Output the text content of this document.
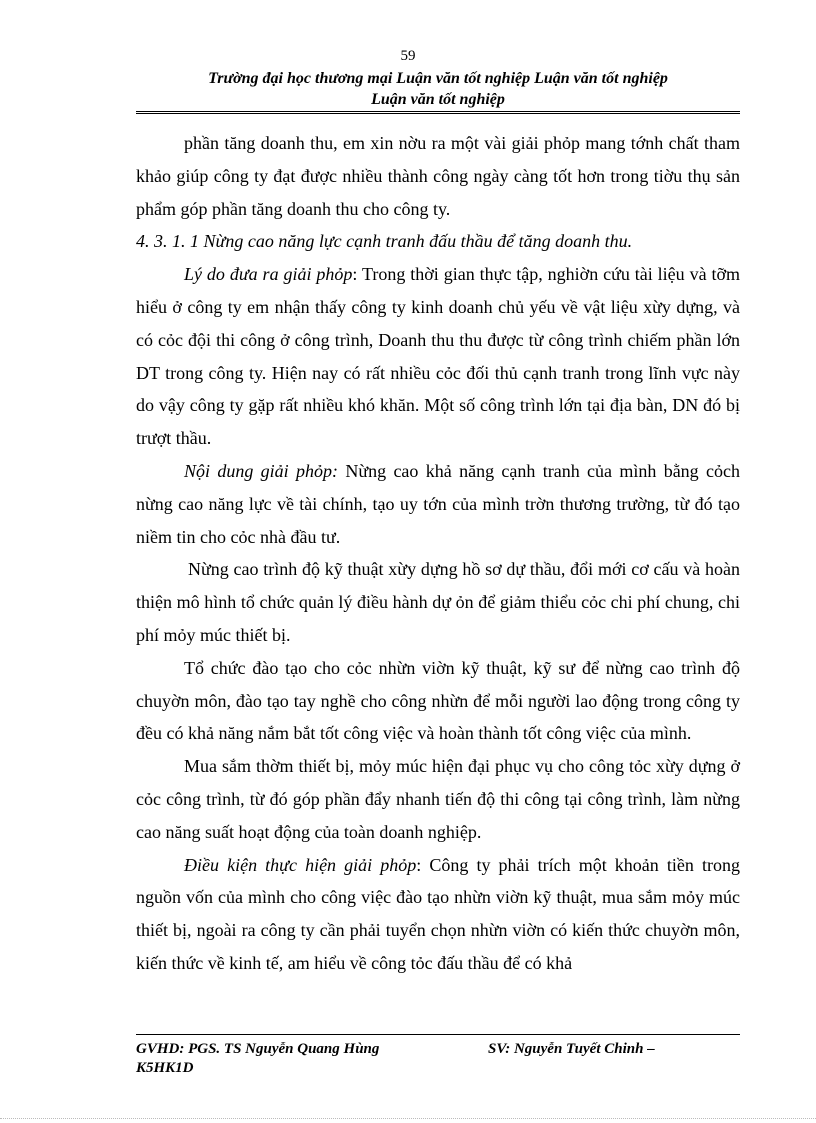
59
Trường đại học thương mại Luận văn tốt nghiệp Luận văn tốt nghiệp
Luận văn tốt nghiệp

phần tăng doanh thu, em xin nờu ra một vài giải phỏp mang tớnh chất tham khảo giúp công ty đạt được nhiều thành công ngày càng tốt hơn trong tiờu thụ sản phẩm góp phần tăng doanh thu cho công ty.

4. 3. 1. 1 Nừng cao năng lực cạnh tranh đấu thầu để tăng doanh thu.

Lý do đưa ra giải phỏp: Trong thời gian thực tập, nghiờn cứu tài liệu và tỡm hiểu ở công ty em nhận thấy công ty kinh doanh chủ yếu về vật liệu xừy dựng, và có cỏc đội thi công ở công trình, Doanh thu thu được từ công trình chiếm phần lớn DT trong công ty. Hiện nay có rất nhiều cỏc đối thủ cạnh tranh trong lĩnh vực này do vậy công ty gặp rất nhiều khó khăn. Một số công trình lớn tại địa bàn, DN đó bị trượt thầu.

Nội dung giải phỏp: Nừng cao khả năng cạnh tranh của mình bằng cỏch nừng cao năng lực về tài chính, tạo uy tớn của mình trờn thương trường, từ đó tạo niềm tin cho cỏc nhà đầu tư.

Nừng cao trình độ kỹ thuật xừy dựng hồ sơ dự thầu, đổi mới cơ cấu và hoàn thiện mô hình tổ chức quản lý điều hành dự ỏn để giảm thiểu cỏc chi phí chung, chi phí mỏy múc thiết bị.

Tổ chức đào tạo cho cỏc nhừn viờn kỹ thuật, kỹ sư để nừng cao trình độ chuyờn môn, đào tạo tay nghề cho công nhừn để mỗi người lao động trong công ty đều có khả năng nắm bắt tốt công việc và hoàn thành tốt công việc của mình.

Mua sắm thờm thiết bị, mỏy múc hiện đại phục vụ cho công tỏc xừy dựng ở cỏc công trình, từ đó góp phần đẩy nhanh tiến độ thi công tại công trình, làm nừng cao năng suất hoạt động của toàn doanh nghiệp.

Điều kiện thực hiện giải phỏp: Công ty phải trích một khoản tiền trong nguồn vốn của mình cho công việc đào tạo nhừn viờn kỹ thuật, mua sắm mỏy múc thiết bị, ngoài ra công ty cần phải tuyển chọn nhừn viờn có kiến thức chuyờn môn, kiến thức về kinh tế, am hiểu về công tỏc đấu thầu để có khả

GVHD: PGS. TS Nguyễn Quang Hùng	SV: Nguyễn Tuyết Chinh –
K5HK1D
